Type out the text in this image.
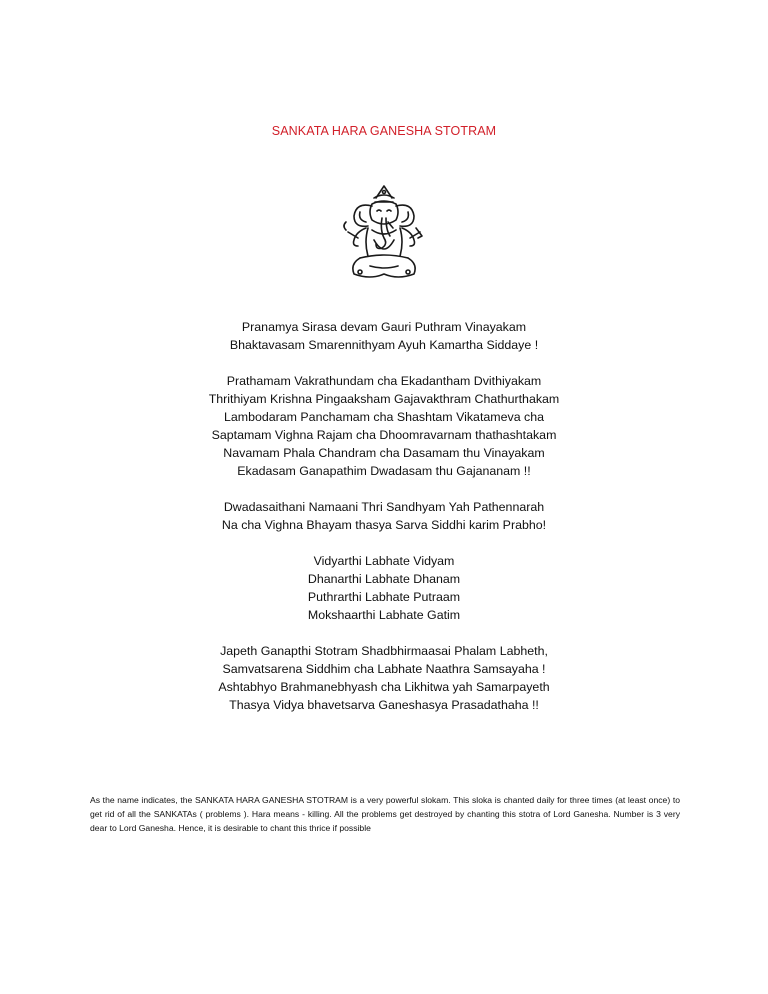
SANKATA HARA GANESHA STOTRAM
Pranamya Sirasa devam Gauri Puthram Vinayakam
Bhaktavasam Smarennithyam Ayuh Kamartha Siddaye !
Prathamam Vakrathundam cha Ekadantham Dvithiyakam
Thrithiyam Krishna Pingaaksham Gajavakthram Chathurthakam
Lambodaram Panchamam cha Shashtam Vikatameva cha
Saptamam Vighna Rajam cha Dhoomravarnam thathashtakam
Navamam Phala Chandram cha Dasamam thu Vinayakam
Ekadasam Ganapathim Dwadasam thu Gajananam !!
Dwadasaithani Namaani Thri Sandhyam Yah Pathennarah
Na cha Vighna Bhayam thasya Sarva Siddhi karim Prabho!
Vidyarthi Labhate Vidyam
Dhanarthi Labhate Dhanam
Puthrarthi Labhate Putraam
Mokshaarthi Labhate Gatim
Japeth Ganapthi Stotram Shadbhirmaasai Phalam Labheth,
Samvatsarena Siddhim cha Labhate Naathra Samsayaha !
Ashtabhyo Brahmanebhyash cha Likhitwa yah Samarpayeth
Thasya Vidya bhavetsarva Ganeshasya Prasadathaha !!
As the name indicates, the SANKATA HARA GANESHA STOTRAM is a very powerful slokam. This sloka is chanted daily for three times (at least once) to get rid of all the SANKATAs ( problems ). Hara means - killing. All the problems get destroyed by chanting this stotra of Lord Ganesha. Number is 3 very dear to Lord Ganesha. Hence, it is desirable to chant this thrice if possible
